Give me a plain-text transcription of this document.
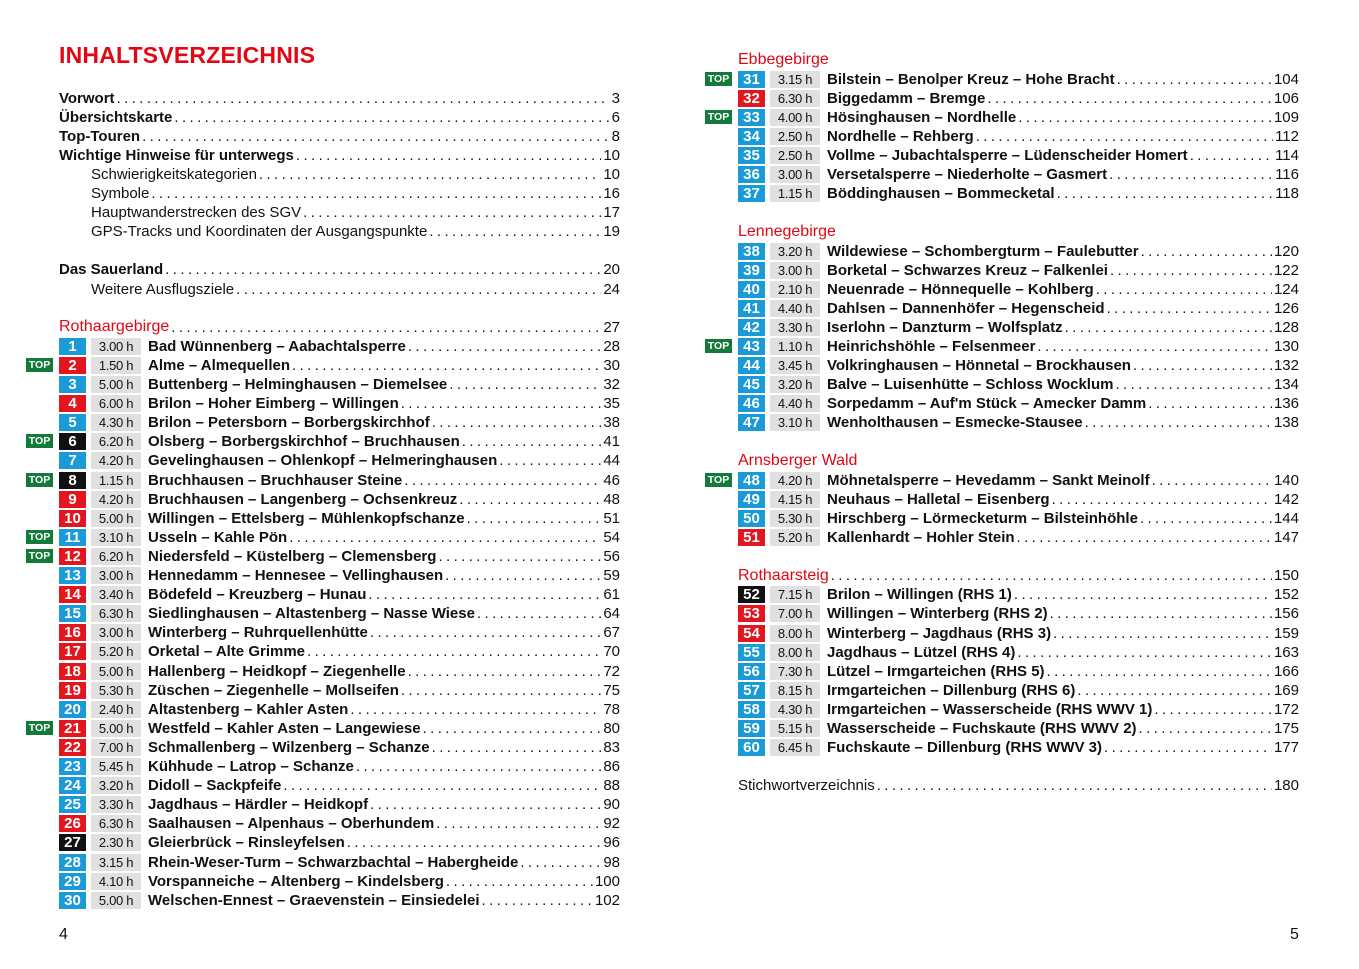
INHALTSVERZEICHNIS
Vorwort .....	3
Übersichtskarte .....	6
Top-Touren .....	8
Wichtige Hinweise für unterwegs .....	10
Schwierigkeitskategorien .....	10
Symbole .....	16
Hauptwanderstrecken des SGV .....	17
GPS-Tracks und Koordinaten der Ausgangspunkte .....	19
Das Sauerland .....	20
Weitere Ausflugsziele .....	24
Rothaargebirge .....	27
1	3.00 h Bad Wünnenberg – Aabachtalsperre .....	28
TOP	2	1.50 h Alme – Almequellen .....	30
3	5.00 h Buttenberg – Helminghausen – Diemelsee .....	32
4	6.00 h Brilon – Hoher Eimberg – Willingen .....	35
5	4.30 h Brilon – Petersborn – Borbergskirchhof .....	38
TOP	6	6.20 h Olsberg – Borbergskirchhof – Bruchhausen .....	41
7	4.20 h Gevelinghausen – Ohlenkopf – Helmeringhausen .....	44
TOP	8	1.15 h Bruchhausen – Bruchhauser Steine .....	46
9	4.20 h Bruchhausen – Langenberg – Ochsenkreuz .....	48
10	5.00 h Willingen – Ettelsberg – Mühlenkopfschanze .....	51
TOP 11	3.10 h Usseln – Kahle Pön .....	54
TOP 12	6.20 h Niedersfeld – Küstelberg – Clemensberg .....	56
13	3.00 h Hennedamm – Hennesee – Vellinghausen .....	59
14	3.40 h Bödefeld – Kreuzberg – Hunau .....	61
15	6.30 h Siedlinghausen – Altastenberg – Nasse Wiese .....	64
16	3.00 h Winterberg – Ruhrquellenhütte .....	67
17	5.20 h Orketal – Alte Grimme .....	70
18	5.00 h Hallenberg – Heidkopf – Ziegenhelle .....	72
19	5.30 h Züschen – Ziegenhelle – Mollseifen .....	75
20	2.40 h Altastenberg – Kahler Asten .....	78
TOP 21	5.00 h Westfeld – Kahler Asten – Langewiese .....	80
22	7.00 h Schmallenberg – Wilzenberg – Schanze .....	83
23	5.45 h Kühhude – Latrop – Schanze .....	86
24	3.20 h Didoll – Sackpfeife .....	88
25	3.30 h Jagdhaus – Härdler – Heidkopf .....	90
26	6.30 h Saalhausen – Alpenhaus – Oberhundem .....	92
27	2.30 h Gleierbrück – Rinsleyfelsen .....	96
28	3.15 h Rhein-Weser-Turm – Schwarzbachtal – Habergheide .....	98
29	4.10 h Vorspanneiche – Altenberg – Kindelsberg .....	100
30	5.00 h Welschen-Ennest – Graevenstein – Einsiedelei .....	102
Ebbegebirge
TOP 31	3.15 h Bilstein – Benolper Kreuz – Hohe Bracht .....	104
32	6.30 h Biggedamm – Bremge .....	106
TOP 33	4.00 h Hösinghausen – Nordhelle .....	109
34	2.50 h Nordhelle – Rehberg .....	112
35	2.50 h Vollme – Jubachtalsperre – Lüdenscheider Homert .....	114
36	3.00 h Versetalsperre – Niederholte – Gasmert .....	116
37	1.15 h Böddinghausen – Bommecketal .....	118
Lennegebirge
38	3.20 h Wildewiese – Schombergturm – Faulebutter .....	120
39	3.00 h Borketal – Schwarzes Kreuz – Falkenlei .....	122
40	2.10 h Neuenrade – Hönnequelle – Kohlberg .....	124
41	4.40 h Dahlsen – Dannenhöfer – Hegenscheid .....	126
42	3.30 h Iserlohn – Danzturm – Wolfsplatz .....	128
TOP 43	1.10 h Heinrichshöhle – Felsenmeer .....	130
44	3.45 h Volkringhausen – Hönnetal – Brockhausen .....	132
45	3.20 h Balve – Luisenhütte – Schloss Wocklum .....	134
46	4.40 h Sorpedamm – Auf'm Stück – Amecker Damm .....	136
47	3.10 h Wenholthausen – Esmecke-Stausee .....	138
Arnsberger Wald
TOP 48	4.20 h Möhnetalsperre – Hevedamm – Sankt Meinolf .....	140
49	4.15 h Neuhaus – Halletal – Eisenberg .....	142
50	5.30 h Hirschberg – Lörmecketurm – Bilsteinhöhle .....	144
51	5.20 h Kallenhardt – Hohler Stein .....	147
Rothaarsteig .....	150
52	7.15 h Brilon – Willingen (RHS 1) .....	152
53	7.00 h Willingen – Winterberg (RHS 2) .....	156
54	8.00 h Winterberg – Jagdhaus (RHS 3) .....	159
55	8.00 h Jagdhaus – Lützel (RHS 4) .....	163
56	7.30 h Lützel – Irmgarteichen (RHS 5) .....	166
57	8.15 h Irmgarteichen – Dillenburg (RHS 6) .....	169
58	4.30 h Irmgarteichen – Wasserscheide (RHS WWV 1) .....	172
59	5.15 h Wasserscheide – Fuchskaute (RHS WWV 2) .....	175
60	6.45 h Fuchskaute – Dillenburg (RHS WWV 3) .....	177
Stichwortverzeichnis .....	180
4	5
